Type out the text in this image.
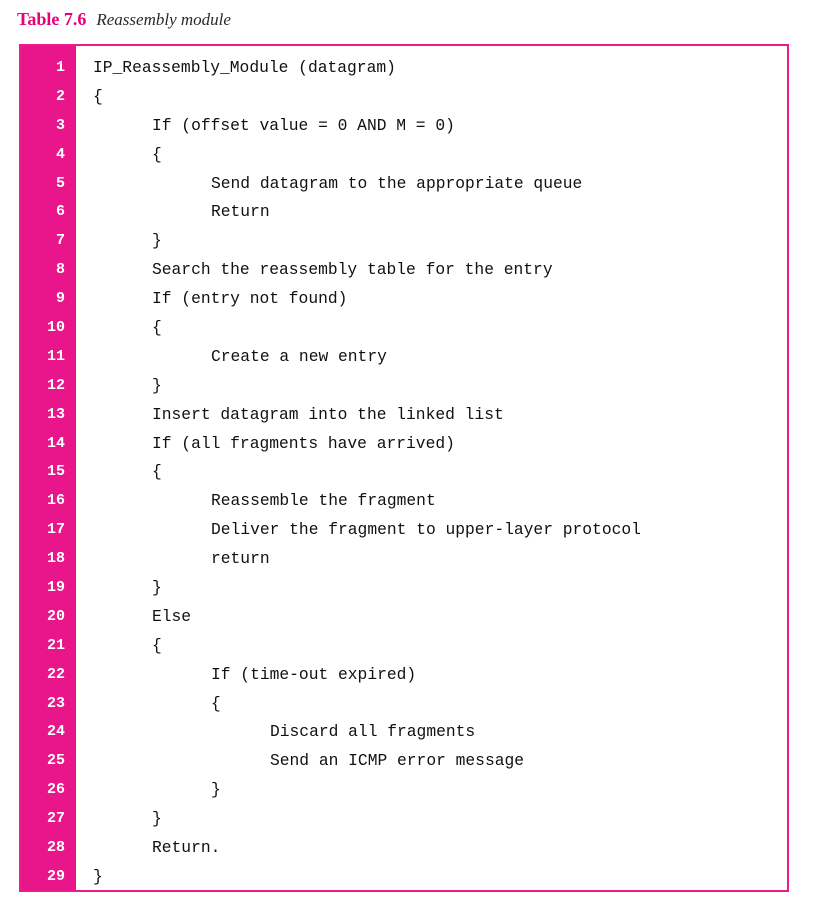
Table 7.6 Reassembly module
1 IP_Reassembly_Module (datagram)
2 {
3	If (offset value = 0 AND M = 0)
4	{
5	Send datagram to the appropriate queue
6	Return
7	}
8	Search the reassembly table for the entry
9	If (entry not found)
10	{
11	Create a new entry
12	}
13	Insert datagram into the linked list
14	If (all fragments have arrived)
15	{
16	Reassemble the fragment
17	Deliver the fragment to upper-layer protocol
18	return
19	}
20	Else
21	{
22	If (time-out expired)
23	{
24	Discard all fragments
25	Send an ICMP error message
26	}
27	}
28	Return.
29 }
